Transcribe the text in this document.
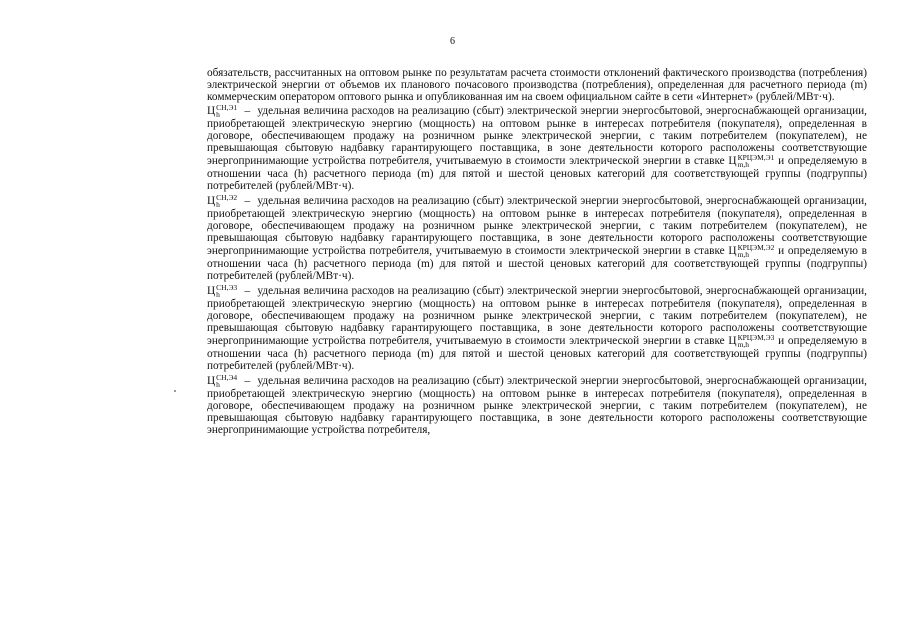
6

обязательств, рассчитанных на оптовом рынке по результатам расчета стоимости отклонений фактического производства (потребления) электрической энергии от объемов их планового почасового производства (потребления), определенная для расчетного периода (m) коммерческим оператором оптового рынка и опубликованная им на своем официальном сайте в сети «Интернет» (рублей/МВт·ч).

Ц СН,Э1
h	– удельная величина расходов на реализацию (сбыт) электрической энергии энергосбытовой, энергоснабжающей организации, приобретающей электрическую энергию (мощность) на оптовом рынке в интересах потребителя (покупателя), определенная в договоре, обеспечивающем продажу на розничном рынке электрической энергии, с таким потребителем (покупателем), не превышающая сбытовую надбавку гарантирующего поставщика, в зоне деятельности которого расположены соответствующие энергопринимающие устройства потребителя, учитываемую в стоимости электрической энергии в ставке Ц КРЦЭМ,Э1
m,h	и определяемую в отношении часа (h) расчетного периода (m) для пятой и шестой ценовых категорий для соответствующей группы (подгруппы) потребителей (рублей/МВт·ч).

Ц СН,Э2
h	– удельная величина расходов на реализацию (сбыт) электрической энергии энергосбытовой, энергоснабжающей организации, приобретающей электрическую энергию (мощность) на оптовом рынке в интересах потребителя (покупателя), определенная в договоре, обеспечивающем продажу на розничном рынке электрической энергии, с таким потребителем (покупателем), не превышающая сбытовую надбавку гарантирующего поставщика, в зоне деятельности которого расположены соответствующие энергопринимающие устройства потребителя, учитываемую в стоимости электрической энергии в ставке Ц КРЦЭМ,Э2
m,h	и определяемую в отношении часа (h) расчетного периода (m) для пятой и шестой ценовых категорий для соответствующей группы (подгруппы) потребителей (рублей/МВт·ч).

Ц СН,Э3
h	– удельная величина расходов на реализацию (сбыт) электрической энергии энергосбытовой, энергоснабжающей организации, приобретающей электрическую энергию (мощность) на оптовом рынке в интересах потребителя (покупателя), определенная в договоре, обеспечивающем продажу на розничном рынке электрической энергии, с таким потребителем (покупателем), не превышающая сбытовую надбавку гарантирующего поставщика, в зоне деятельности которого расположены соответствующие энергопринимающие устройства потребителя, учитываемую в стоимости электрической энергии в ставке Ц КРЦЭМ,Э3
m,h	и определяемую в отношении часа (h) расчетного периода (m) для пятой и шестой ценовых категорий для соответствующей группы (подгруппы) потребителей (рублей/МВт·ч).

Ц СН,Э4
h	– удельная величина расходов на реализацию (сбыт) электрической энергии энергосбытовой, энергоснабжающей организации, приобретающей электрическую энергию (мощность) на оптовом рынке в интересах потребителя (покупателя), определенная в договоре, обеспечивающем продажу на розничном рынке электрической энергии, с таким потребителем (покупателем), не превышающая сбытовую надбавку гарантирующего поставщика, в зоне деятельности которого расположены соответствующие энергопринимающие устройства потребителя,
